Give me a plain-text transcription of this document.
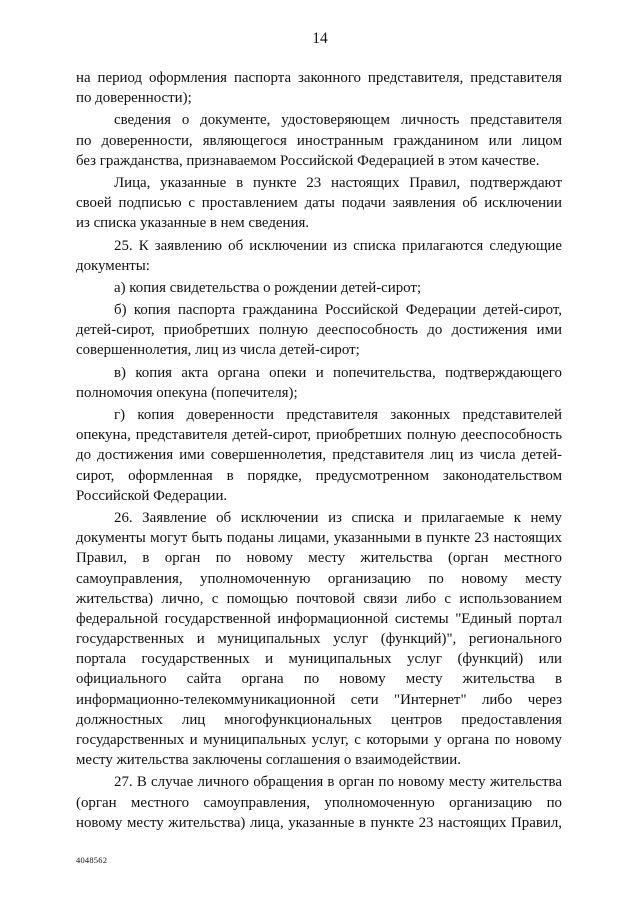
14
на период оформления паспорта законного представителя, представителя
по доверенности);
сведения о документе, удостоверяющем личность представителя
по доверенности, являющегося иностранным гражданином или лицом
без гражданства, признаваемом Российской Федерацией в этом качестве.
Лица, указанные в пункте 23 настоящих Правил, подтверждают
своей подписью с проставлением даты подачи заявления об исключении
из списка указанные в нем сведения.
25. К заявлению об исключении из списка прилагаются следующие
документы:
а) копия свидетельства о рождении детей-сирот;
б) копия паспорта гражданина Российской Федерации детей-сирот,
детей-сирот, приобретших полную дееспособность до достижения ими
совершеннолетия, лиц из числа детей-сирот;
в) копия акта органа опеки и попечительства, подтверждающего
полномочия опекуна (попечителя);
г) копия доверенности представителя законных представителей
опекуна, представителя детей-сирот, приобретших полную дееспособность
до достижения ими совершеннолетия, представителя лиц из числа детей-
сирот, оформленная в порядке, предусмотренном законодательством
Российской Федерации.
26. Заявление об исключении из списка и прилагаемые к нему
документы могут быть поданы лицами, указанными в пункте 23 настоящих
Правил, в орган по новому месту жительства (орган местного
самоуправления, уполномоченную организацию по новому месту
жительства) лично, с помощью почтовой связи либо с использованием
федеральной государственной информационной системы "Единый портал
государственных и муниципальных услуг (функций)", регионального
портала государственных и муниципальных услуг (функций) или
официального сайта органа по новому месту жительства в
информационно-телекоммуникационной сети "Интернет" либо через
должностных лиц многофункциональных центров предоставления
государственных и муниципальных услуг, с которыми у органа по новому
месту жительства заключены соглашения о взаимодействии.
27. В случае личного обращения в орган по новому месту жительства
(орган местного самоуправления, уполномоченную организацию по
новому месту жительства) лица, указанные в пункте 23 настоящих Правил,
4048562
